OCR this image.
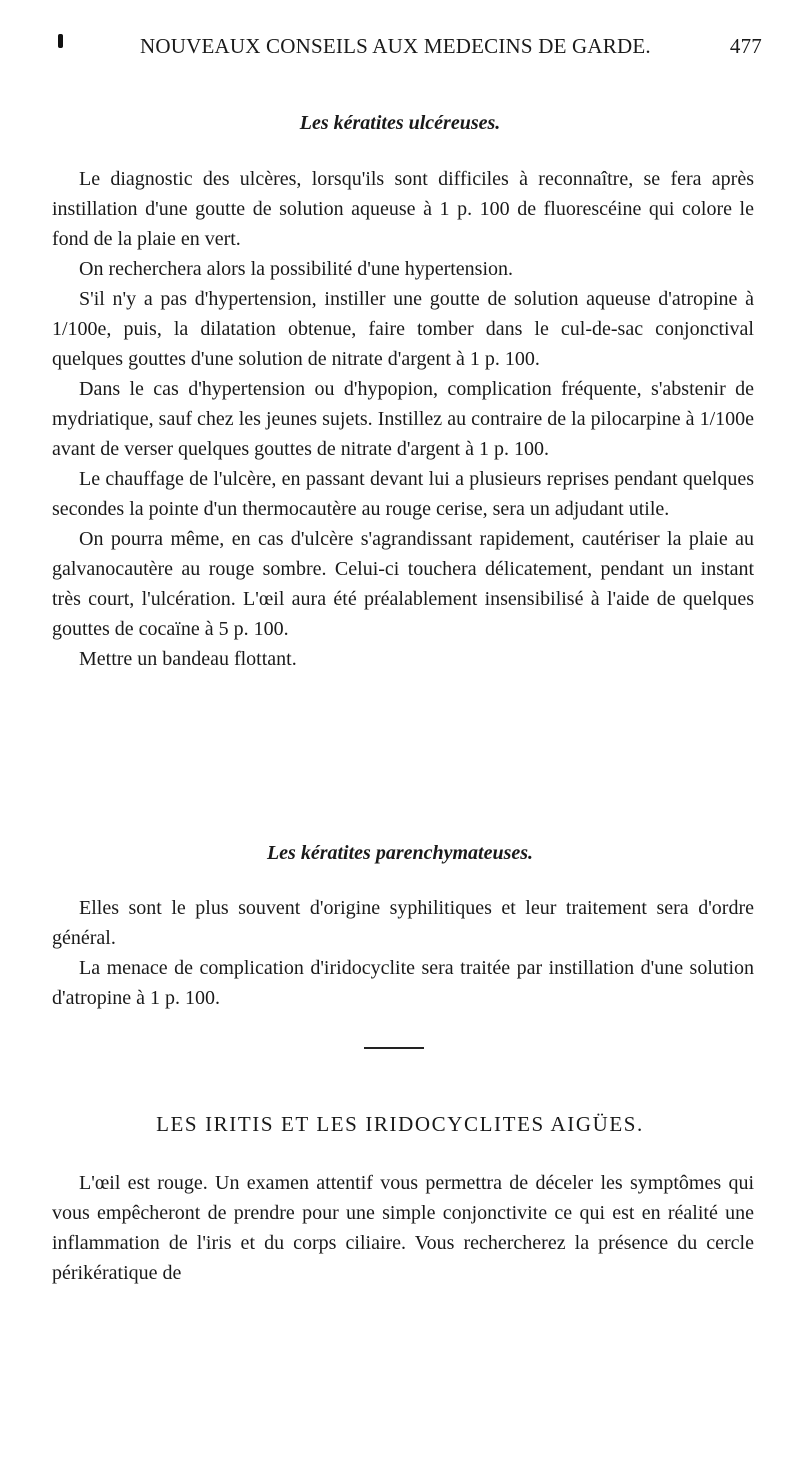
NOUVEAUX CONSEILS AUX MEDECINS DE GARDE.	477
Les kératites ulcéreuses.

Le diagnostic des ulcères, lorsqu'ils sont difficiles à reconnaître, se fera après instillation d'une goutte de solution aqueuse à 1 p. 100 de fluorescéine qui colore le fond de la plaie en vert.

On recherchera alors la possibilité d'une hypertension.

S'il n'y a pas d'hypertension, instiller une goutte de solution aqueuse d'atropine à 1/100e, puis, la dilatation obtenue, faire tomber dans le cul-de-sac conjonctival quelques gouttes d'une solution de nitrate d'argent à 1 p. 100.

Dans le cas d'hypertension ou d'hypopion, complication fréquente, s'abstenir de mydriatique, sauf chez les jeunes sujets. Instillez au contraire de la pilocarpine à 1/100e avant de verser quelques gouttes de nitrate d'argent à 1 p. 100.

Le chauffage de l'ulcère, en passant devant lui a plusieurs reprises pendant quelques secondes la pointe d'un thermocautère au rouge cerise, sera un adjudant utile.

On pourra même, en cas d'ulcère s'agrandissant rapidement, cautériser la plaie au galvanocautère au rouge sombre. Celui-ci touchera délicatement, pendant un instant très court, l'ulcération. L'œil aura été préalablement insensibilisé à l'aide de quelques gouttes de cocaïne à 5 p. 100.

Mettre un bandeau flottant.

Les kératites parenchymateuses.

Elles sont le plus souvent d'origine syphilitiques et leur traitement sera d'ordre général.

La menace de complication d'iridocyclite sera traitée par instillation d'une solution d'atropine à 1 p. 100.

LES IRITIS ET LES IRIDOCYCLITES AIGÜES.

L'œil est rouge. Un examen attentif vous permettra de déceler les symptômes qui vous empêcheront de prendre pour une simple conjonctivite ce qui est en réalité une inflammation de l'iris et du corps ciliaire. Vous rechercherez la présence du cercle périkératique de
